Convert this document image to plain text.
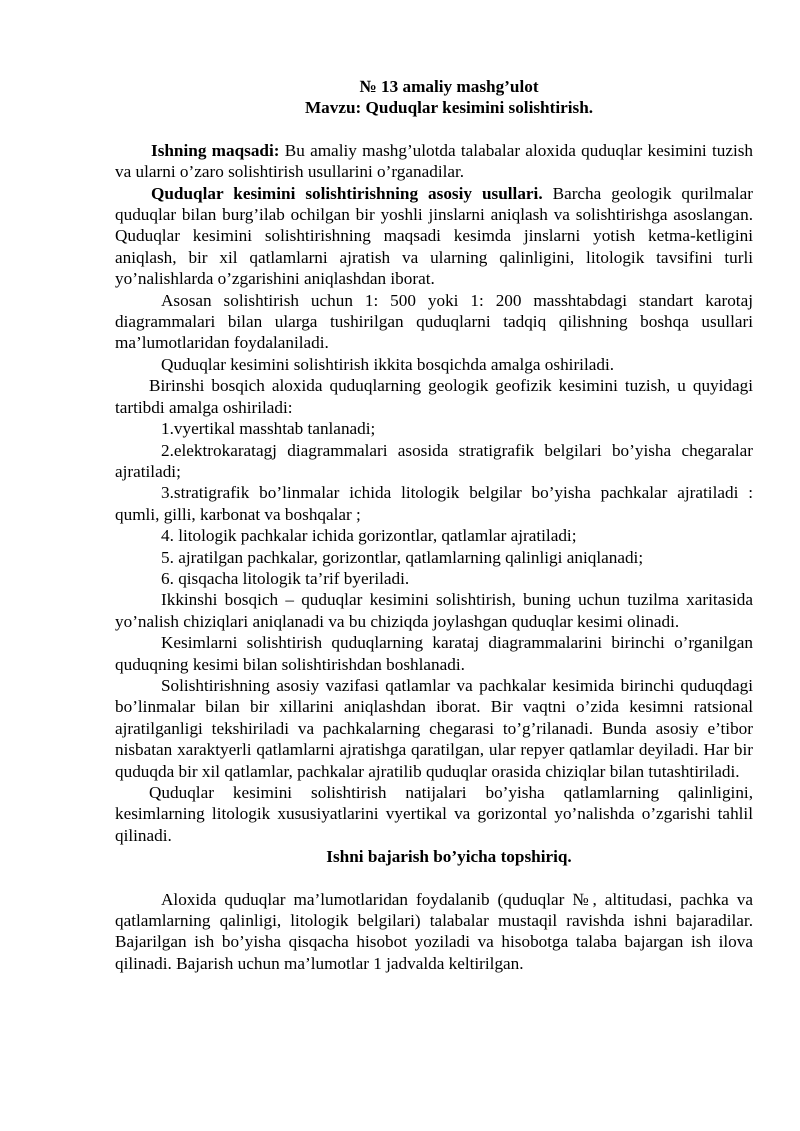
№ 13 amaliy mashg’ulot

Mavzu: Quduqlar kesimini solishtirish.

Ishning maqsadi: Bu amaliy mashg’ulotda talabalar aloxida quduqlar kesimini tuzish va ularni o’zaro solishtirish usullarini o’rganadilar.

Quduqlar kesimini solishtirishning asosiy usullari. Barcha geologik qurilmalar quduqlar bilan burg’ilab ochilgan bir yoshli jinslarni aniqlash va solishtirishga asoslangan. Quduqlar kesimini solishtirishning maqsadi kesimda jinslarni yotish ketma-ketligini aniqlash, bir xil qatlamlarni ajratish va ularning qalinligini, litologik tavsifini turli yo’nalishlarda o’zgarishini aniqlashdan iborat.

Asosan solishtirish uchun 1: 500 yoki 1: 200 masshtabdagi standart karotaj diagrammalari bilan ularga tushirilgan quduqlarni tadqiq qilishning boshqa usullari ma’lumotlaridan foydalaniladi.

Quduqlar kesimini solishtirish ikkita bosqichda amalga oshiriladi.

Birinshi bosqich aloxida quduqlarning geologik geofizik kesimini tuzish, u quyidagi tartibdi amalga oshiriladi:

1.vyertikal masshtab tanlanadi;

2.elektrokaratagj diagrammalari asosida stratigrafik belgilari bo’yisha chegaralar ajratiladi;

3.stratigrafik bo’linmalar ichida litologik belgilar bo’yisha pachkalar ajratiladi : qumli, gilli, karbonat va boshqalar ;

4. litologik pachkalar ichida gorizontlar, qatlamlar ajratiladi;

5. ajratilgan pachkalar, gorizontlar, qatlamlarning qalinligi aniqlanadi;

6. qisqacha litologik ta’rif byeriladi.

Ikkinshi bosqich – quduqlar kesimini solishtirish, buning uchun tuzilma xaritasida yo’nalish chiziqlari aniqlanadi va bu chiziqda joylashgan quduqlar kesimi olinadi.

Kesimlarni solishtirish quduqlarning karataj diagrammalarini birinchi o’rganilgan quduqning kesimi bilan solishtirishdan boshlanadi.

Solishtirishning asosiy vazifasi qatlamlar va pachkalar kesimida birinchi quduqdagi bo’linmalar bilan bir xillarini aniqlashdan iborat. Bir vaqtni o’zida kesimni ratsional ajratilganligi tekshiriladi va pachkalarning chegarasi to’g’rilanadi. Bunda asosiy e’tibor nisbatan xaraktyerli qatlamlarni ajratishga qaratilgan, ular repyer qatlamlar deyiladi. Har bir quduqda bir xil qatlamlar, pachkalar ajratilib quduqlar orasida chiziqlar bilan tutashtiriladi.

Quduqlar kesimini solishtirish natijalari bo’yisha qatlamlarning qalinligini, kesimlarning litologik xususiyatlarini vyertikal va gorizontal yo’nalishda o’zgarishi tahlil qilinadi.

Ishni bajarish bo’yicha topshiriq.

Aloxida quduqlar ma’lumotlaridan foydalanib (quduqlar №, altitudasi, pachka va qatlamlarning qalinligi, litologik belgilari) talabalar mustaqil ravishda ishni bajaradilar. Bajarilgan ish bo’yisha qisqacha hisobot yoziladi va hisobotga talaba bajargan ish ilova qilinadi. Bajarish uchun ma’lumotlar 1 jadvalda keltirilgan.
